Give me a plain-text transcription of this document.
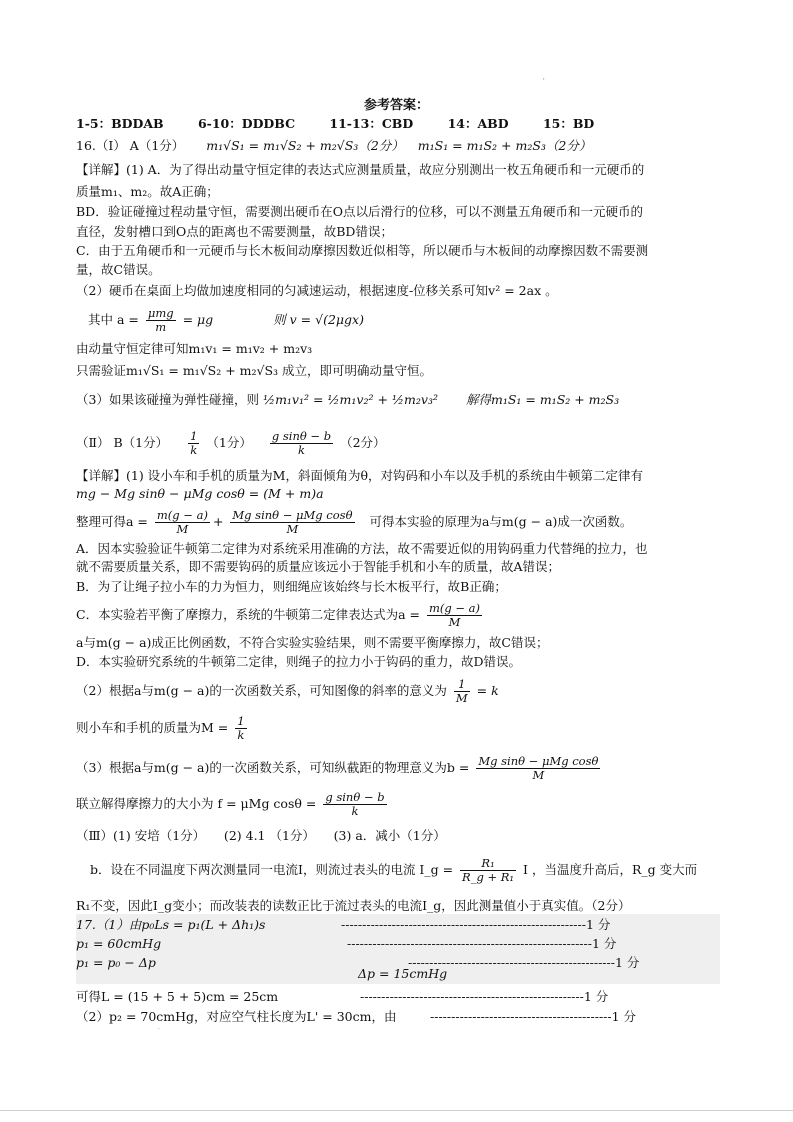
'
参考答案：
1-5：BDDAB	6-10：DDDBC	11-13：CBD	14：ABD	15：BD
16.（Ⅰ） A（1分） m₁√S₁ = m₁√S₂ + m₂√S₃（2分） m₁S₁ = m₁S₂ + m₂S₃（2分）
【详解】(1) A．为了得出动量守恒定律的表达式应测量质量，故应分别测出一枚五角硬币和一元硬币的
质量m₁、m₂。故A正确；
BD．验证碰撞过程动量守恒，需要测出硬币在O点以后滑行的位移，可以不测量五角硬币和一元硬币的
直径，发射槽口到O点的距离也不需要测量，故BD错误；
C．由于五角硬币和一元硬币与长木板间动摩擦因数近似相等，所以硬币与木板间的动摩擦因数不需要测
量，故C错误。
（2）硬币在桌面上均做加速度相同的匀减速运动，根据速度-位移关系可知v² = 2ax 。
其中 $a = \frac{\text{μmg}}{m} = \mu g$	则 v = √(2μgx)
由动量守恒定律可知m₁v₁ = m₁v₂ + m₂v₃
只需验证m₁√S₁ = m₁√S₂ + m₂√S₃ 成立，即可明确动量守恒。
（3）如果该碰撞为弹性碰撞，则 ½m₁v₁² = ½m₁v₂² + ½m₂v₃² 解得m₁S₁ = m₁S₂ + m₂S₃
（Ⅱ） B（1分） $\frac{1}{k} (1$分） $\frac{\text{g sinθ − b}}{k} (2$分）
【详解】(1) 设小车和手机的质量为M，斜面倾角为θ，对钩码和小车以及手机的系统由牛顿第二定律有
mg − Mg sinθ − μMg cosθ = (M + m)a
整理可得$a = \frac{m(g - a)}{M} + \frac{\text{Mg sinθ − μMg cosθ}}{M}$ 可得本实验的原理为a与m(g − a)成一次函数。
A．因本实验验证牛顿第二定律为对系统采用准确的方法，故不需要近似的用钩码重力代替绳的拉力，也
就不需要质量关系，即不需要钩码的质量应该远小于智能手机和小车的质量，故A错误；
B．为了让绳子拉小车的力为恒力，则细绳应该始终与长木板平行，故B正确；
C．本实验若平衡了摩擦力，系统的牛顿第二定律表达式为$a = \frac{m(g - a)}{M}$
a与m(g − a)成正比例函数，不符合实验实验结果，则不需要平衡摩擦力，故C错误；
D．本实验研究系统的牛顿第二定律，则绳子的拉力小于钩码的重力，故D错误。
（2）根据a与m(g − a)的一次函数关系，可知图像的斜率的意义为 $\frac{1}{M} = k$
则小车和手机的质量为$M = \frac{1}{k}$
（3）根据a与m(g − a)的一次函数关系，可知纵截距的物理意义为$b = \frac{\text{Mg sinθ − μMg cosθ}}{M}$
联立解得摩擦力的大小为 f = μMg $\cos\theta = \frac{\text{g sinθ − b}}{k}$
（Ⅲ）(1) 安培（1分）　　(2) 4.1 （1分）　　(3) a．减小（1分）
b．设在不同温度下两次测量同一电流I，则流过表头的电流 I_g = $\frac{\text{R₁}}{\text{R\_g + R₁}}$ I ，当温度升高后，R_g 变大而
R₁不变，因此I_g变小；而改装表的读数正比于流过表头的电流I_g，因此测量值小于真实值。（2分）
17.（1）由p₀Ls = p₁(L + Δh₁)s	----------------------------------------------------------1 分
p₁ = 60cmHg	----------------------------------------------------------1 分
p₁ = p₀ − Δp	-------------------------------------------------1 分
Δp = 15cmHg
可得L = (15 + 5 + 5)cm = 25cm	-----------------------------------------------------1 分
（2）p₂ = 70cmHg，对应空气柱长度为L' = 30cm，由	-------------------------------------------1 分
.
